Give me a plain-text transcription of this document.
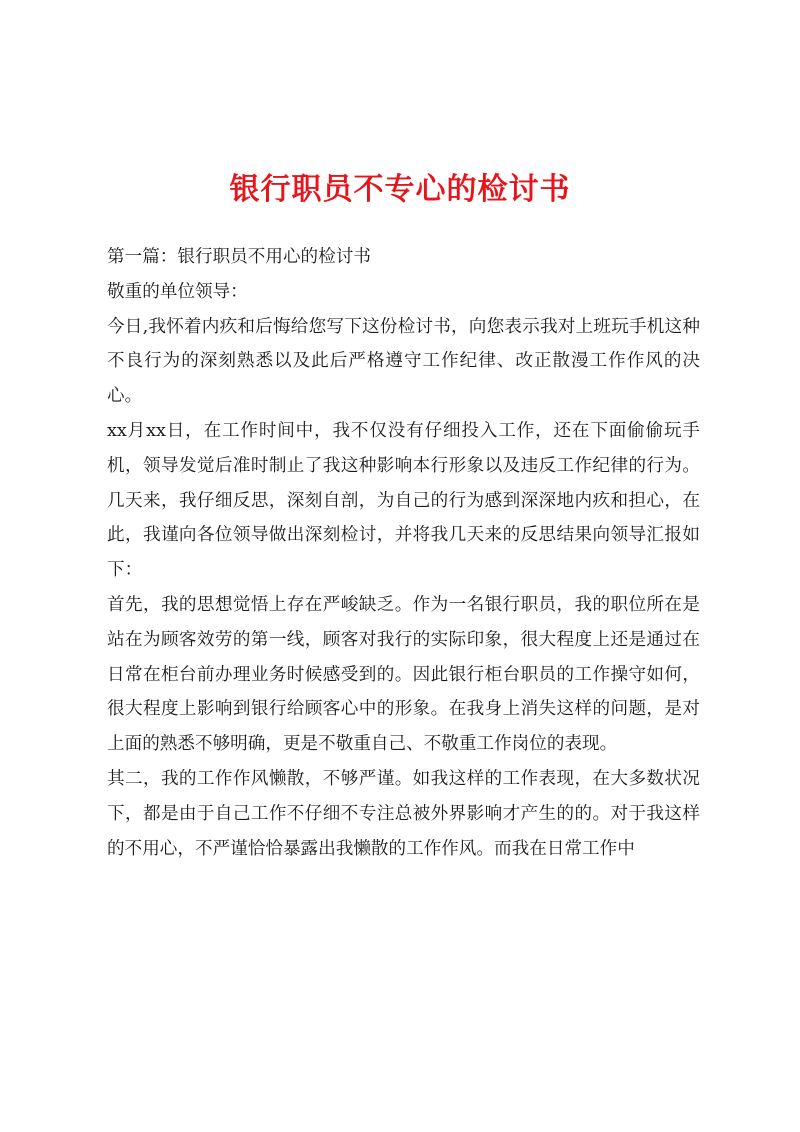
银行职员不专心的检讨书

第一篇：银行职员不用心的检讨书

敬重的单位领导：

今日,我怀着内疚和后悔给您写下这份检讨书，向您表示我对上班玩手机这种不良行为的深刻熟悉以及此后严格遵守工作纪律、改正散漫工作作风的决心。

xx月xx日，在工作时间中，我不仅没有仔细投入工作，还在下面偷偷玩手机，领导发觉后准时制止了我这种影响本行形象以及违反工作纪律的行为。几天来，我仔细反思，深刻自剖，为自己的行为感到深深地内疚和担心，在此，我谨向各位领导做出深刻检讨，并将我几天来的反思结果向领导汇报如下：

首先，我的思想觉悟上存在严峻缺乏。作为一名银行职员，我的职位所在是站在为顾客效劳的第一线，顾客对我行的实际印象，很大程度上还是通过在日常在柜台前办理业务时候感受到的。因此银行柜台职员的工作操守如何，很大程度上影响到银行给顾客心中的形象。在我身上消失这样的问题，是对上面的熟悉不够明确，更是不敬重自己、不敬重工作岗位的表现。

其二，我的工作作风懒散，不够严谨。如我这样的工作表现，在大多数状况下，都是由于自己工作不仔细不专注总被外界影响才产生的的。对于我这样的不用心，不严谨恰恰暴露出我懒散的工作作风。而我在日常工作中
